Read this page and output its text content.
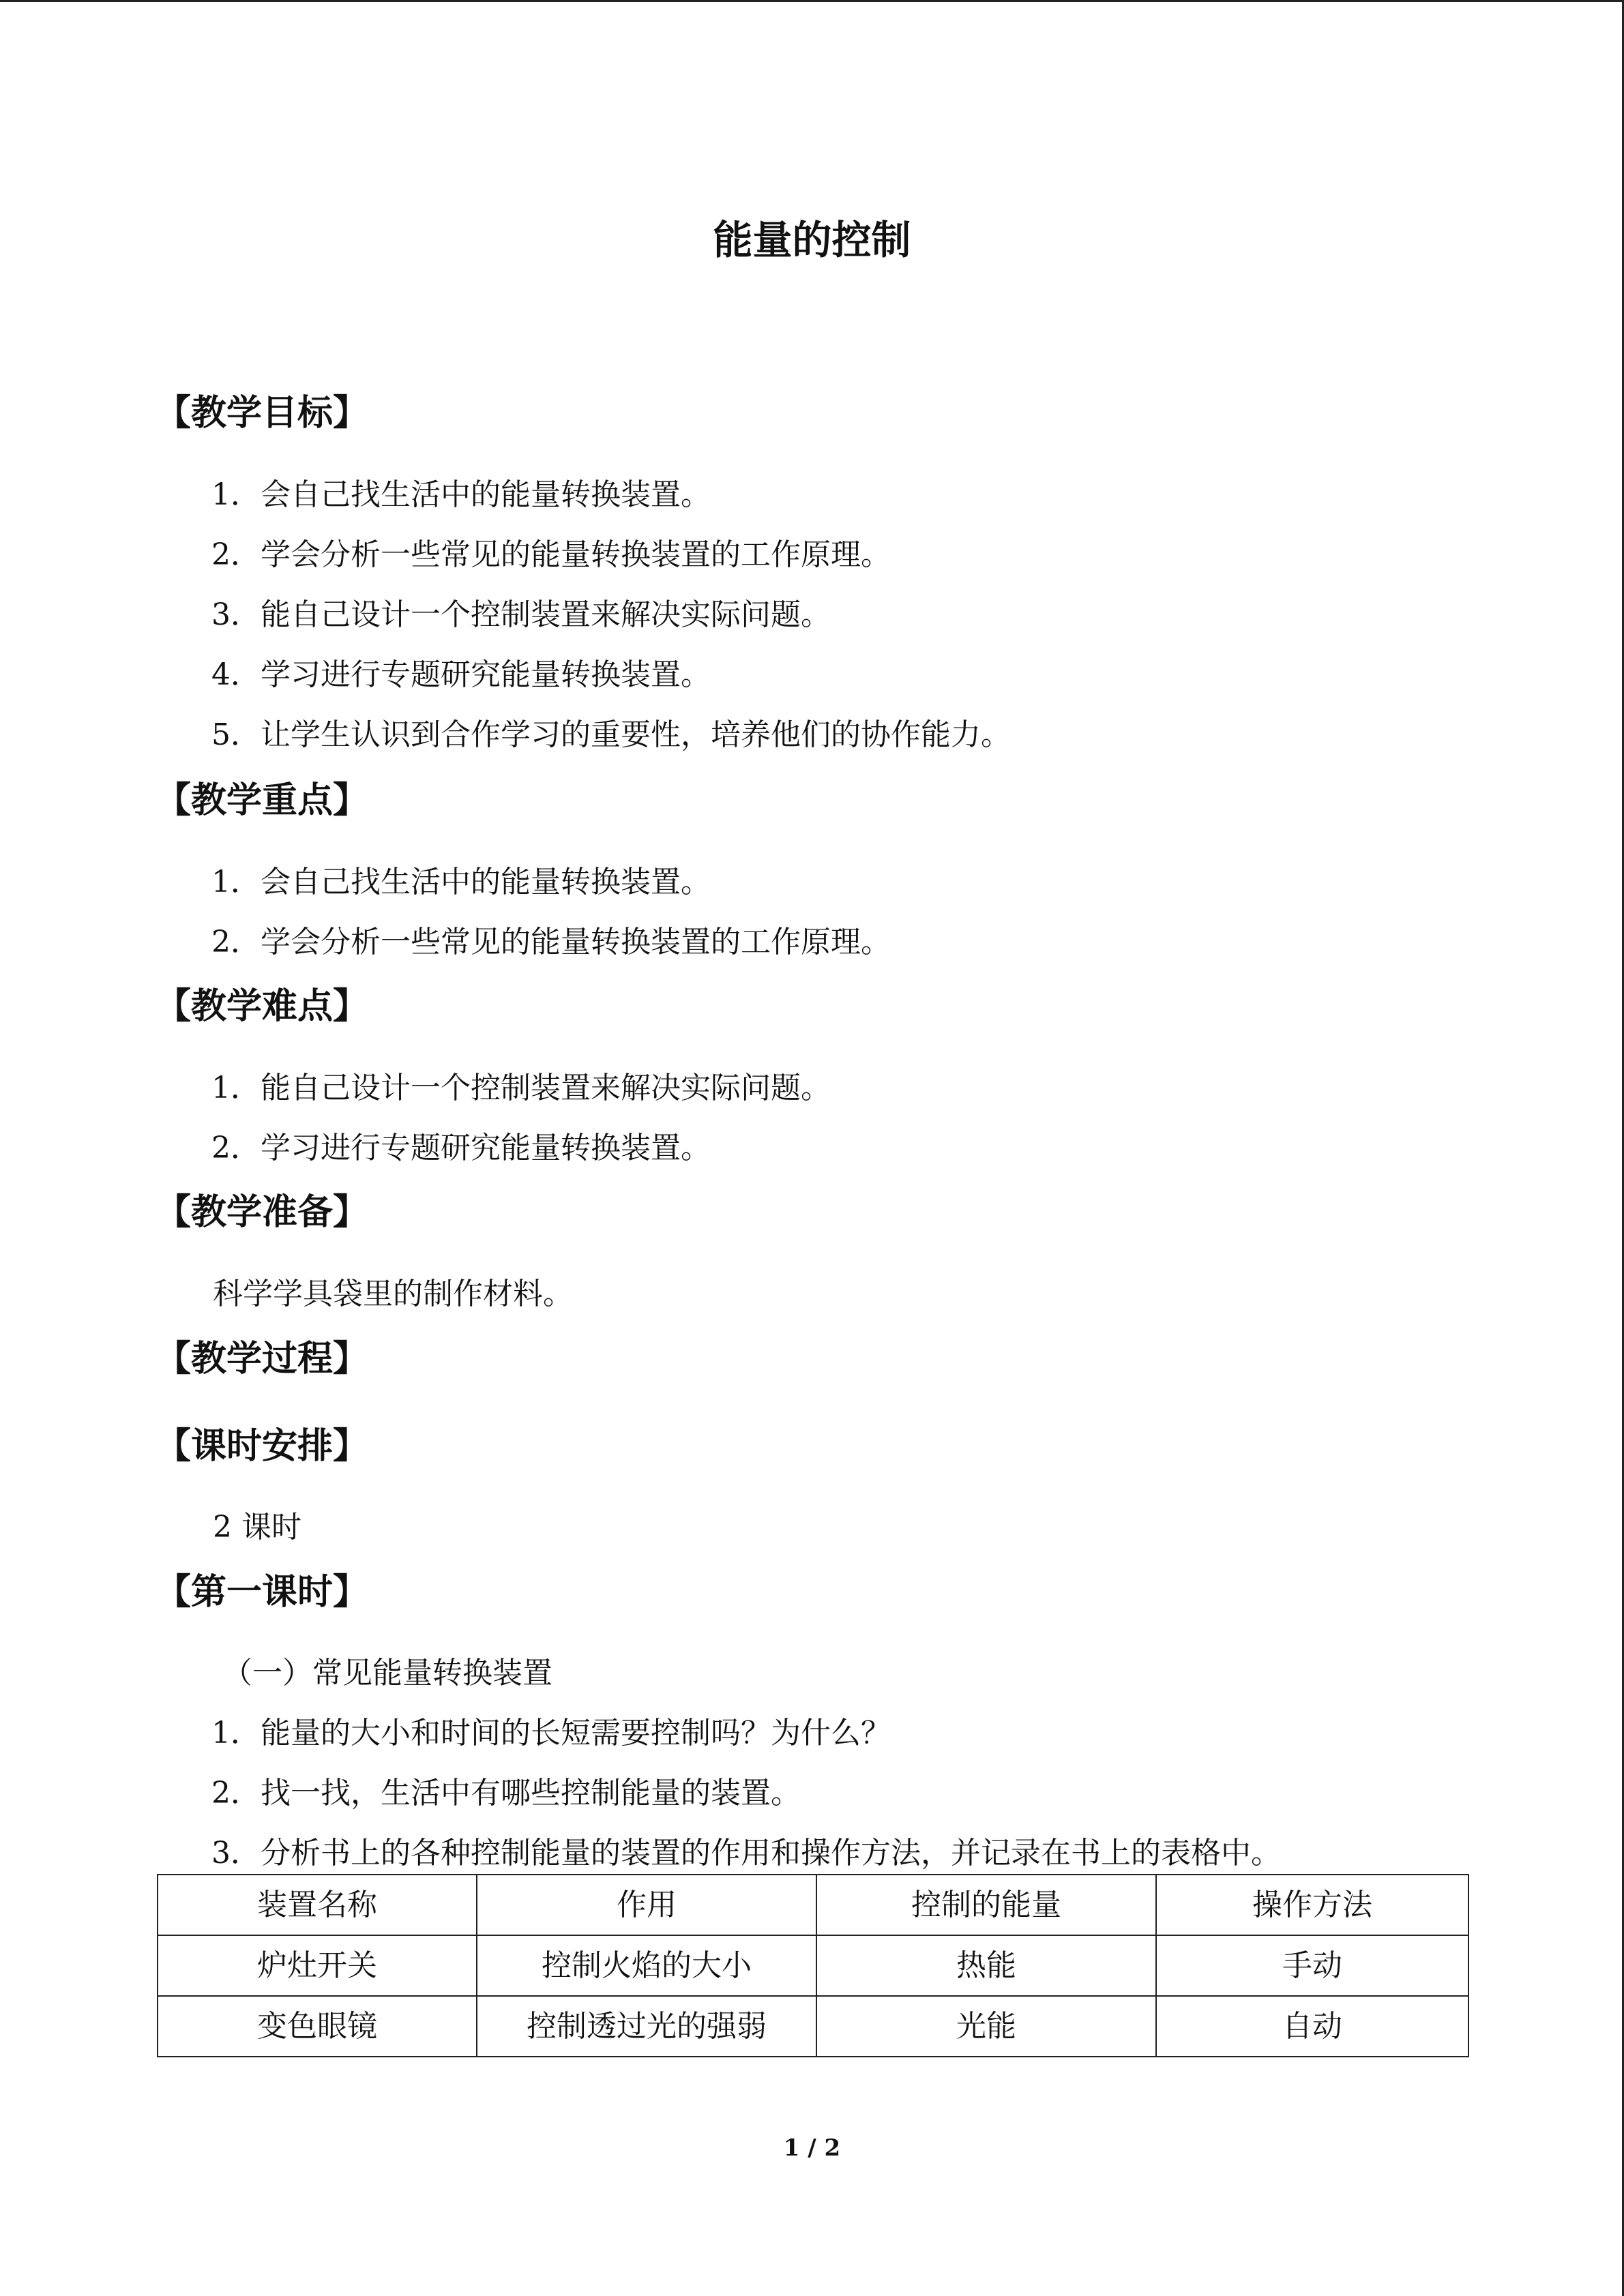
能量的控制
【教学目标】
1．会自己找生活中的能量转换装置。
2．学会分析一些常见的能量转换装置的工作原理。
3．能自己设计一个控制装置来解决实际问题。
4．学习进行专题研究能量转换装置。
5．让学生认识到合作学习的重要性，培养他们的协作能力。
【教学重点】
1．会自己找生活中的能量转换装置。
2．学会分析一些常见的能量转换装置的工作原理。
【教学难点】
1．能自己设计一个控制装置来解决实际问题。
2．学习进行专题研究能量转换装置。
【教学准备】
科学学具袋里的制作材料。
【教学过程】
【课时安排】
2 课时
【第一课时】
（一）常见能量转换装置
1．能量的大小和时间的长短需要控制吗？为什么？
2．找一找，生活中有哪些控制能量的装置。
3．分析书上的各种控制能量的装置的作用和操作方法，并记录在书上的表格中。
装置名称	作用	控制的能量	操作方法
炉灶开关	控制火焰的大小	热能	手动
变色眼镜	控制透过光的强弱	光能	自动
1 / 2
